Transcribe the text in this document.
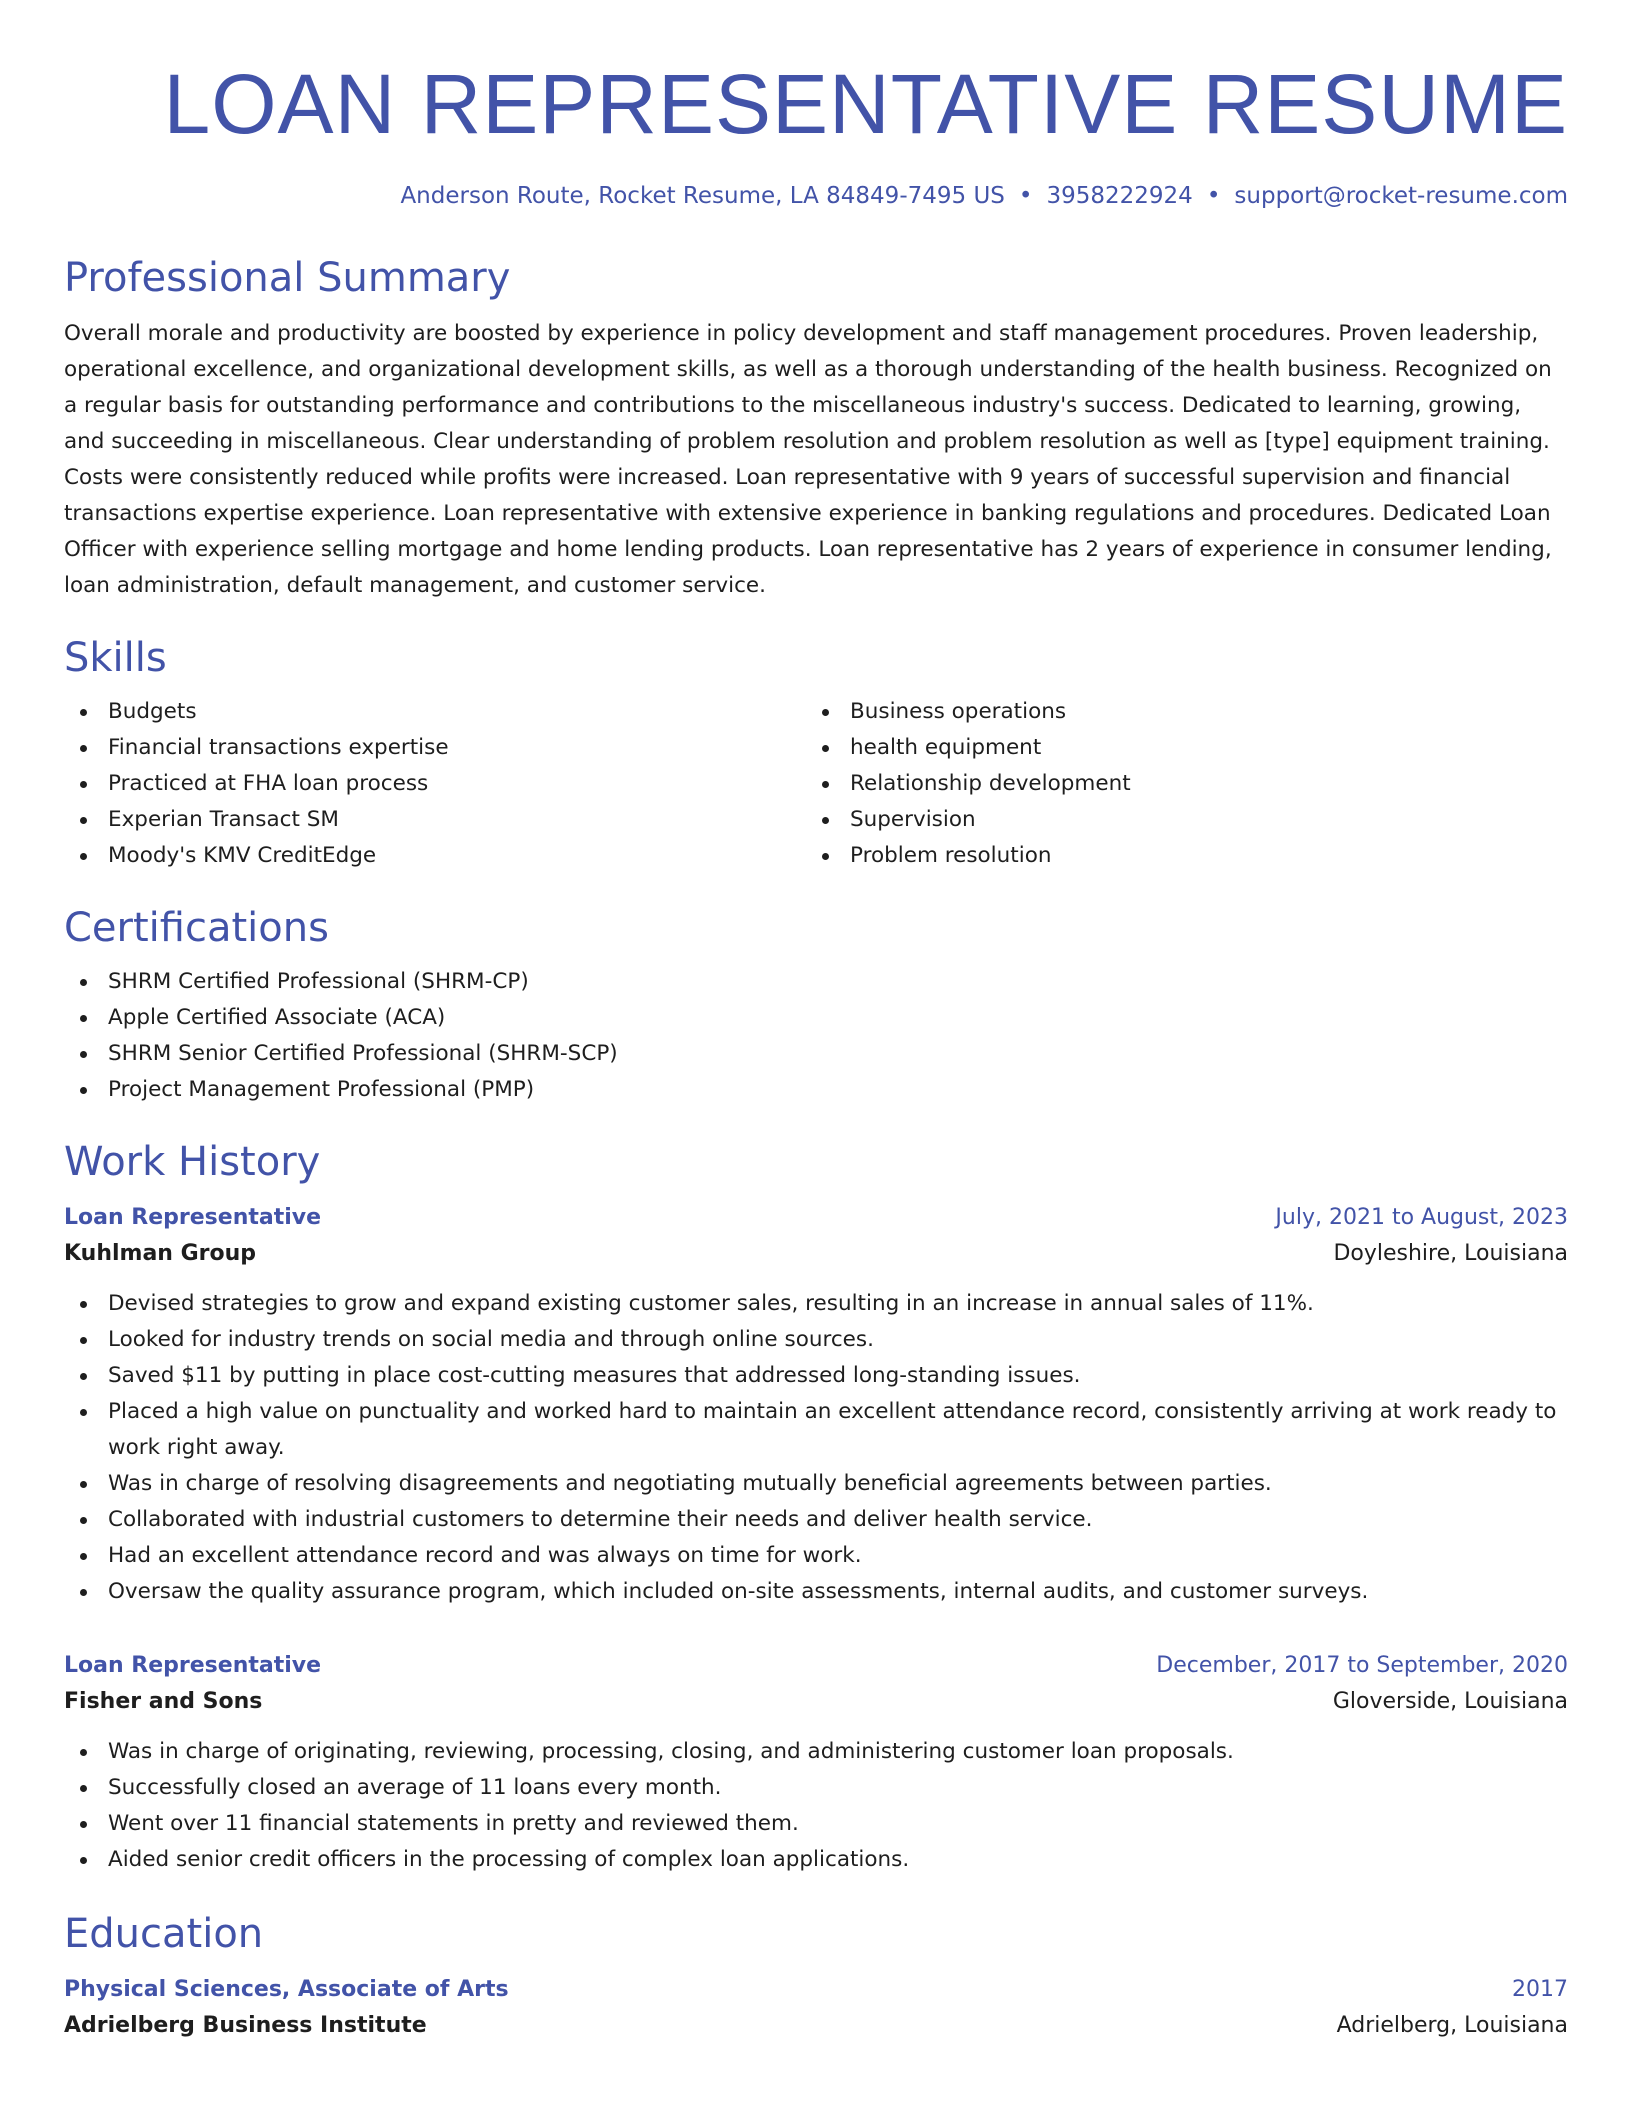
LOAN REPRESENTATIVE RESUME
Anderson Route, Rocket Resume, LA 84849-7495 US • 3958222924 • support@rocket-resume.com
Professional Summary

Overall morale and productivity are boosted by experience in policy development and staff management procedures. Proven leadership, operational excellence, and organizational development skills, as well as a thorough understanding of the health business. Recognized on a regular basis for outstanding performance and contributions to the miscellaneous industry's success. Dedicated to learning, growing, and succeeding in miscellaneous. Clear understanding of problem resolution and problem resolution as well as [type] equipment training. Costs were consistently reduced while profits were increased. Loan representative with 9 years of successful supervision and financial transactions expertise experience. Loan representative with extensive experience in banking regulations and procedures. Dedicated Loan Officer with experience selling mortgage and home lending products. Loan representative has 2 years of experience in consumer lending, loan administration, default management, and customer service.

Skills
Budgets
Financial transactions expertise
Practiced at FHA loan process
Experian Transact SM
Moody's KMV CreditEdge
Business operations
health equipment
Relationship development
Supervision
Problem resolution
Certifications
SHRM Certified Professional (SHRM-CP)
Apple Certified Associate (ACA)
SHRM Senior Certified Professional (SHRM-SCP)
Project Management Professional (PMP)
Work History
Loan Representative	July, 2021 to August, 2023
Kuhlman Group	Doyleshire, Louisiana
Devised strategies to grow and expand existing customer sales, resulting in an increase in annual sales of 11%.
Looked for industry trends on social media and through online sources.
Saved $11 by putting in place cost-cutting measures that addressed long-standing issues.
Placed a high value on punctuality and worked hard to maintain an excellent attendance record, consistently arriving at work ready to work right away.
Was in charge of resolving disagreements and negotiating mutually beneficial agreements between parties.
Collaborated with industrial customers to determine their needs and deliver health service.
Had an excellent attendance record and was always on time for work.
Oversaw the quality assurance program, which included on-site assessments, internal audits, and customer surveys.
Loan Representative	December, 2017 to September, 2020
Fisher and Sons	Gloverside, Louisiana
Was in charge of originating, reviewing, processing, closing, and administering customer loan proposals.
Successfully closed an average of 11 loans every month.
Went over 11 financial statements in pretty and reviewed them.
Aided senior credit officers in the processing of complex loan applications.
Education
Physical Sciences, Associate of Arts	2017
Adrielberg Business Institute	Adrielberg, Louisiana
